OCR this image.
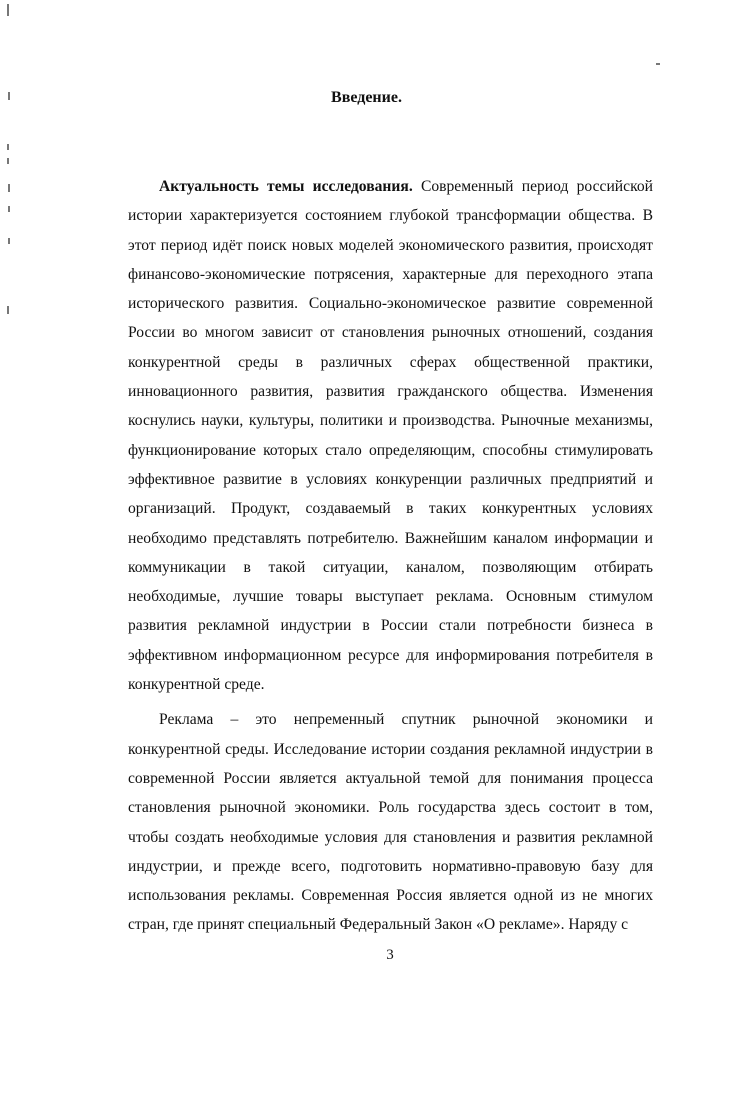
Введение.

Актуальность темы исследования. Современный период российской истории характеризуется состоянием глубокой трансформации общества. В этот период идёт поиск новых моделей экономического развития, происходят финансово-экономические потрясения, характерные для переходного этапа исторического развития. Социально-экономическое развитие современной России во многом зависит от становления рыночных отношений, создания конкурентной среды в различных сферах общественной практики, инновационного развития, развития гражданского общества. Изменения коснулись науки, культуры, политики и производства. Рыночные механизмы, функционирование которых стало определяющим, способны стимулировать эффективное развитие в условиях конкуренции различных предприятий и организаций. Продукт, создаваемый в таких конкурентных условиях необходимо представлять потребителю. Важнейшим каналом информации и коммуникации в такой ситуации, каналом, позволяющим отбирать необходимые, лучшие товары выступает реклама. Основным стимулом развития рекламной индустрии в России стали потребности бизнеса в эффективном информационном ресурсе для информирования потребителя в конкурентной среде.

Реклама – это непременный спутник рыночной экономики и конкурентной среды. Исследование истории создания рекламной индустрии в современной России является актуальной темой для понимания процесса становления рыночной экономики. Роль государства здесь состоит в том, чтобы создать необходимые условия для становления и развития рекламной индустрии, и прежде всего, подготовить нормативно-правовую базу для использования рекламы. Современная Россия является одной из не многих стран, где принят специальный Федеральный Закон «О рекламе». Наряду с

3
